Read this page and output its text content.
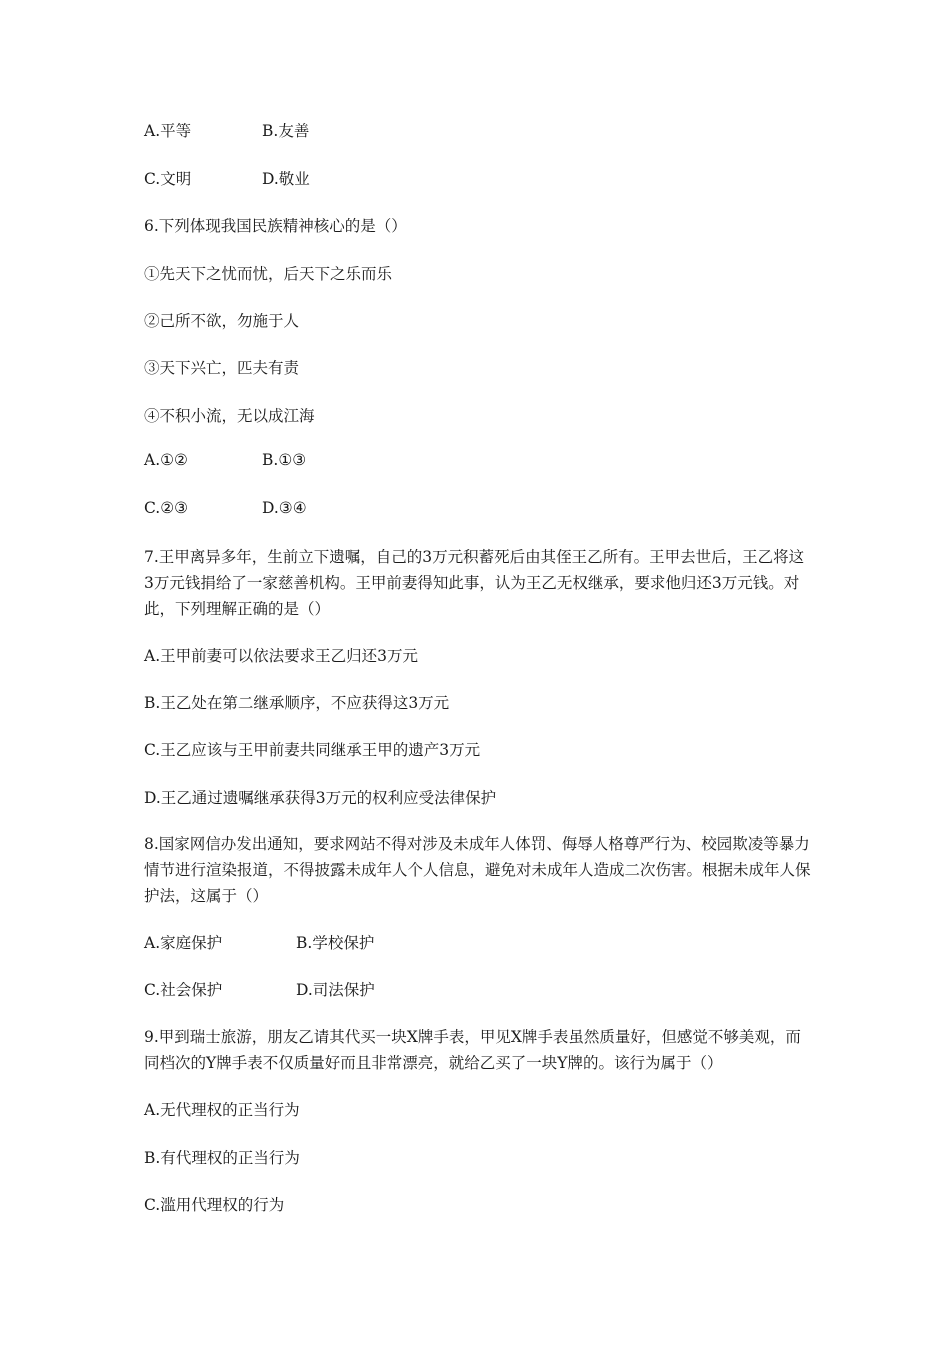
A.平等	B.友善
C.文明	D.敬业
6.下列体现我国民族精神核心的是（）
①先天下之忧而忧，后天下之乐而乐
②己所不欲，勿施于人
③天下兴亡，匹夫有责
④不积小流，无以成江海
A.①②	B.①③
C.②③	D.③④
7.王甲离异多年，生前立下遗嘱，自己的3万元积蓄死后由其侄王乙所有。王甲去世后，王乙将这3万元钱捐给了一家慈善机构。王甲前妻得知此事，认为王乙无权继承，要求他归还3万元钱。对此，下列理解正确的是（）
A.王甲前妻可以依法要求王乙归还3万元
B.王乙处在第二继承顺序，不应获得这3万元
C.王乙应该与王甲前妻共同继承王甲的遗产3万元
D.王乙通过遗嘱继承获得3万元的权利应受法律保护
8.国家网信办发出通知，要求网站不得对涉及未成年人体罚、侮辱人格尊严行为、校园欺凌等暴力情节进行渲染报道，不得披露未成年人个人信息，避免对未成年人造成二次伤害。根据未成年人保护法，这属于（）
A.家庭保护	B.学校保护
C.社会保护	D.司法保护
9.甲到瑞士旅游，朋友乙请其代买一块X牌手表，甲见X牌手表虽然质量好，但感觉不够美观，而同档次的Y牌手表不仅质量好而且非常漂亮，就给乙买了一块Y牌的。该行为属于（）
A.无代理权的正当行为
B.有代理权的正当行为
C.滥用代理权的行为
